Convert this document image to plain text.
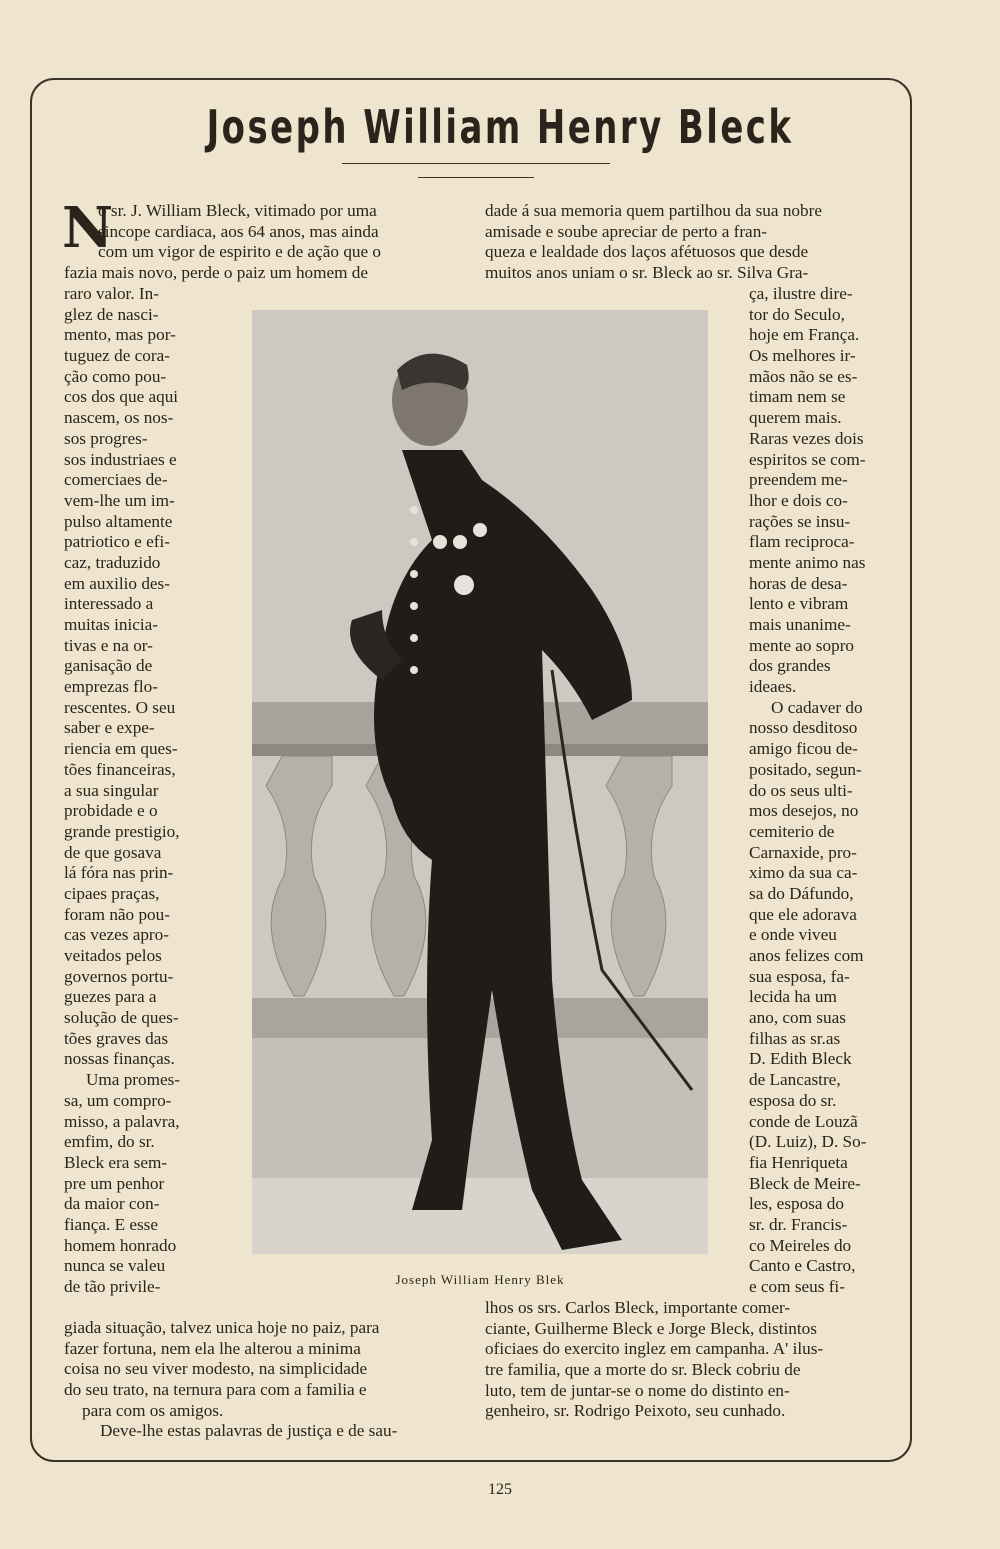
Joseph William Henry Bleck
N
o sr. J. William Bleck, vitimado por uma
sincope cardiaca, aos 64 anos, mas ainda
com um vigor de espirito e de ação que o
fazia mais novo, perde o paiz um homem de
dade á sua memoria quem partilhou da sua nobre
amisade e soube apreciar de perto a fran-
queza e lealdade dos laços afétuosos que desde
muitos anos uniam o sr. Bleck ao sr. Silva Gra-
raro valor. In-
glez de nasci-
mento, mas por-
tuguez de cora-
ção como pou-
cos dos que aqui
nascem, os nos-
sos progres-
sos industriaes e
comerciaes de-
vem-lhe um im-
pulso altamente
patriotico e efi-
caz, traduzido
em auxilio des-
interessado a
muitas inicia-
tivas e na or-
ganisação de
emprezas flo-
rescentes. O seu
saber e expe-
riencia em ques-
tões financeiras,
a sua singular
probidade e o
grande prestigio,
de que gosava
lá fóra nas prin-
cipaes praças,
foram não pou-
cas vezes apro-
veitados pelos
governos portu-
guezes para a
solução de ques-
tões graves das
nossas finanças.
Uma promes-
sa, um compro-
misso, a palavra,
emfim, do sr.
Bleck era sem-
pre um penhor
da maior con-
fiança. E esse
homem honrado
nunca se valeu
de tão privile-
ça, ilustre dire-
tor do Seculo,
hoje em França.
Os melhores ir-
mãos não se es-
timam nem se
querem mais.
Raras vezes dois
espiritos se com-
preendem me-
lhor e dois co-
rações se insu-
flam reciproca-
mente animo nas
horas de desa-
lento e vibram
mais unanime-
mente ao sopro
dos grandes
ideaes.
O cadaver do
nosso desditoso
amigo ficou de-
positado, segun-
do os seus ulti-
mos desejos, no
cemiterio de
Carnaxide, pro-
ximo da sua ca-
sa do Dáfundo,
que ele adorava
e onde viveu
anos felizes com
sua esposa, fa-
lecida ha um
ano, com suas
filhas as sr.as
D. Edith Bleck
de Lancastre,
esposa do sr.
conde de Louzã
(D. Luiz), D. So-
fia Henriqueta
Bleck de Meire-
les, esposa do
sr. dr. Francis-
co Meireles do
Canto e Castro,
e com seus fi-
giada situação, talvez unica hoje no paiz, para
fazer fortuna, nem ela lhe alterou a minima
coisa no seu viver modesto, na simplicidade
do seu trato, na ternura para com a familia e
para com os amigos.
Deve-lhe estas palavras de justiça e de sau-
lhos os srs. Carlos Bleck, importante comer-
ciante, Guilherme Bleck e Jorge Bleck, distintos
oficiaes do exercito inglez em campanha. A' ilus-
tre familia, que a morte do sr. Bleck cobriu de
luto, tem de juntar-se o nome do distinto en-
genheiro, sr. Rodrigo Peixoto, seu cunhado.
Joseph William Henry Blek
125
